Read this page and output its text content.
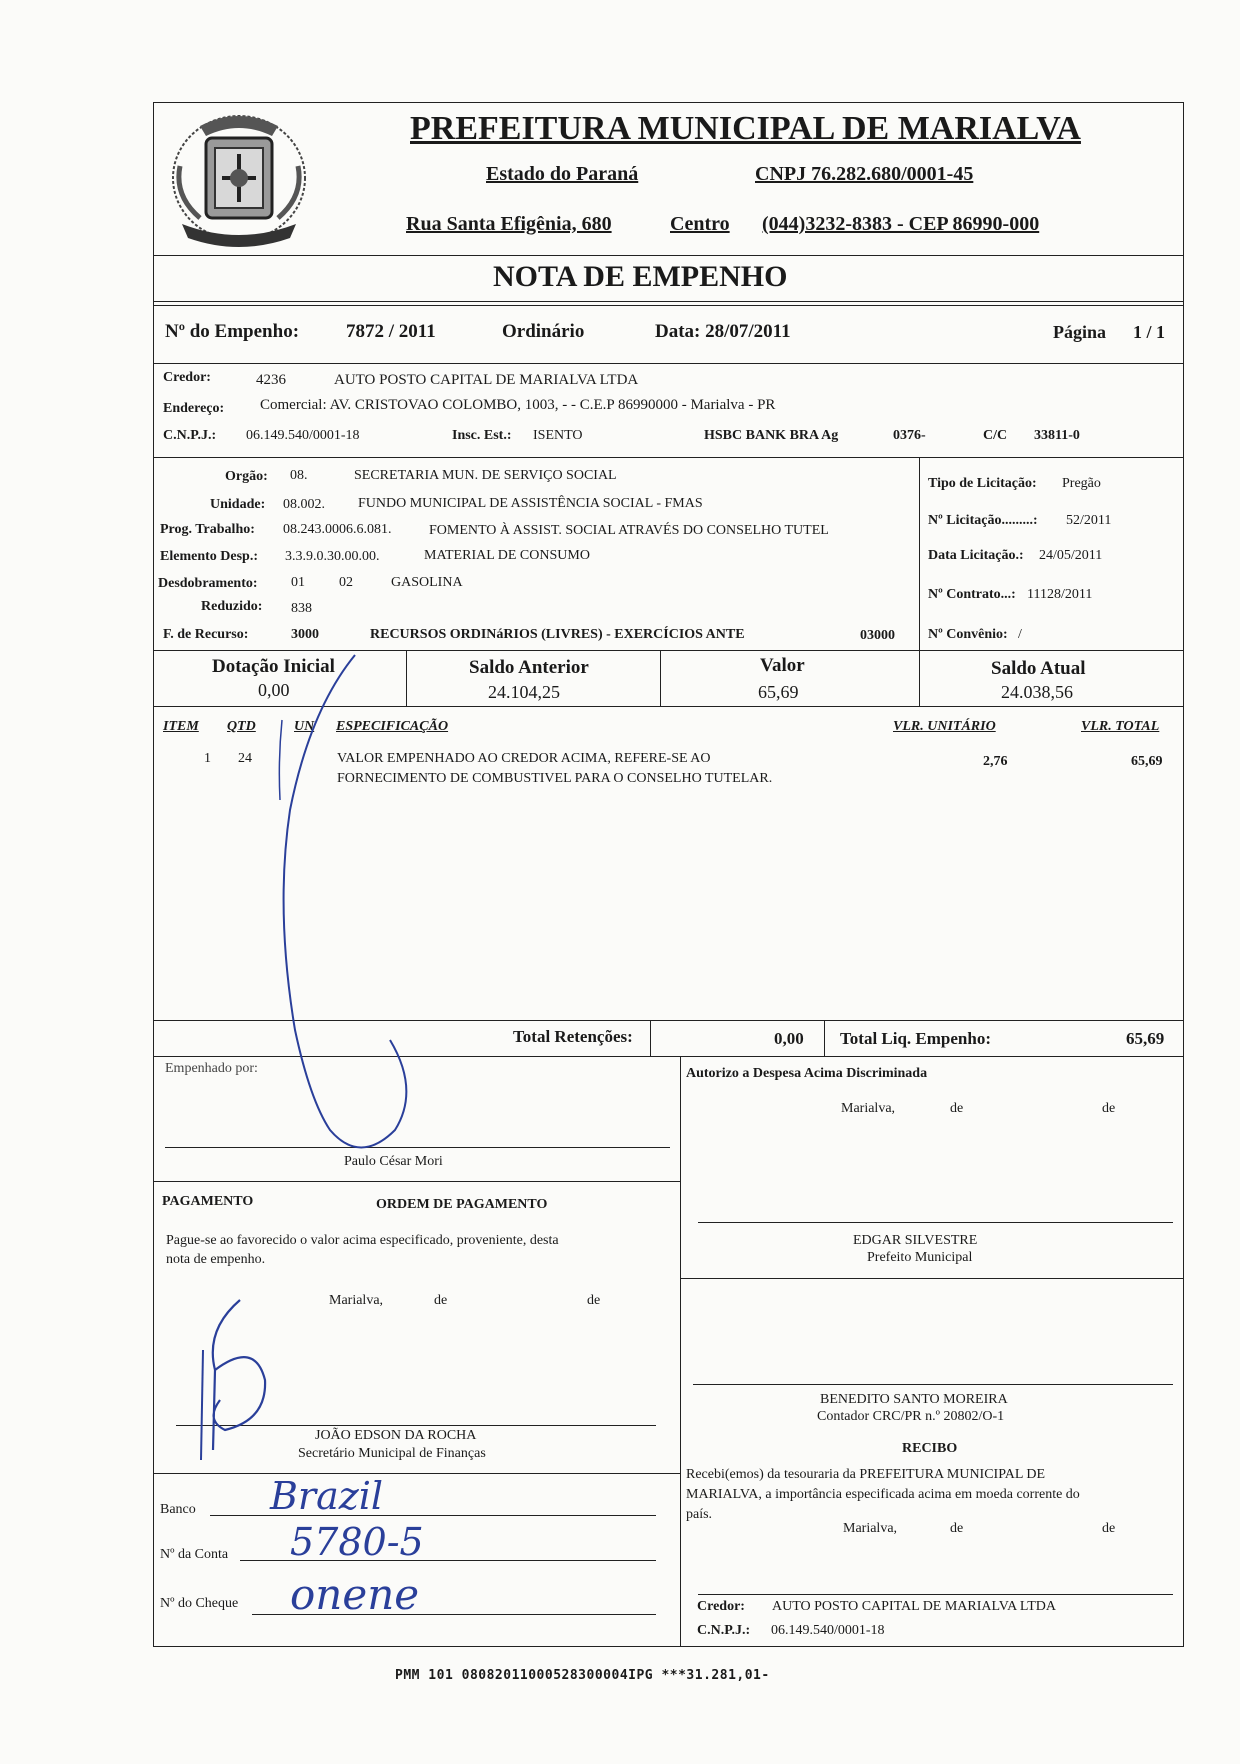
PREFEITURA MUNICIPAL DE MARIALVA
Estado do Paraná	CNPJ 76.282.680/0001-45
Rua Santa Efigênia, 680	Centro (044)3232-8383 - CEP 86990-000
NOTA DE EMPENHO
Nº do Empenho: 7872 / 2011	Ordinário	Data: 28/07/2011	Página 1 / 1
Credor:	4236	AUTO POSTO CAPITAL DE MARIALVA LTDA
Endereço: Comercial: AV. CRISTOVAO COLOMBO, 1003, - - C.E.P 86990000 - Marialva - PR
C.N.P.J.: 06.149.540/0001-18	Insc. Est.: ISENTO	HSBC BANK BRA Ag	0376-	C/C 33811-0
Orgão: 08.	SECRETARIA MUN. DE SERVIÇO SOCIAL
Unidade: 08.002. FUNDO MUNICIPAL DE ASSISTÊNCIA SOCIAL - FMAS
Prog. Trabalho: 08.243.0006.6.081.	FOMENTO À ASSIST. SOCIAL ATRAVÉS DO CONSELHO TUTEL
Elemento Desp.: 3.3.9.0.30.00.00.	MATERIAL DE CONSUMO
Desdobramento: 01 02	GASOLINA
Reduzido: 838
F. de Recurso:	3000	RECURSOS ORDINáRIOS (LIVRES) - EXERCÍCIOS ANTE	03000
Tipo de Licitação: Pregão
Nº Licitação.........: 52/2011
Data Licitação.: 24/05/2011
Nº Contrato...: 11128/2011
Nº Convênio: /
Dotação Inicial
0,00
Saldo Anterior
24.104,25
Valor
65,69
Saldo Atual
24.038,56
ITEM QTD	UN ESPECIFICAÇÃO	VLR. UNITÁRIO	VLR. TOTAL
1 24	VALOR EMPENHADO AO CREDOR ACIMA, REFERE-SE AO
FORNECIMENTO DE COMBUSTIVEL PARA O CONSELHO TUTELAR.
2,76	65,69
Total Retenções:	0,00 Total Liq. Empenho:	65,69
Empenhado por:
Paulo César Mori
Autorizo a Despesa Acima Discriminada
Marialva,	de	de
EDGAR SILVESTRE
Prefeito Municipal
BENEDITO SANTO MOREIRA
Contador CRC/PR n.º 20802/O-1
RECIBO
Recebi(emos) da tesouraria da PREFEITURA MUNICIPAL DE
MARIALVA, a importância especificada acima em moeda corrente do
país.
Marialva,	de	de
Credor: AUTO POSTO CAPITAL DE MARIALVA LTDA
C.N.P.J.: 06.149.540/0001-18
PAGAMENTO	ORDEM DE PAGAMENTO
Pague-se ao favorecido o valor acima especificado, proveniente, desta
nota de empenho.
Marialva,	de	de
JOÃO EDSON DA ROCHA
Secretário Municipal de Finanças
Banco Brazil
Nº da Conta 5780-5
Nº do Cheque onene
PMM 101 08082011000528300004IPG ***31.281,01-
